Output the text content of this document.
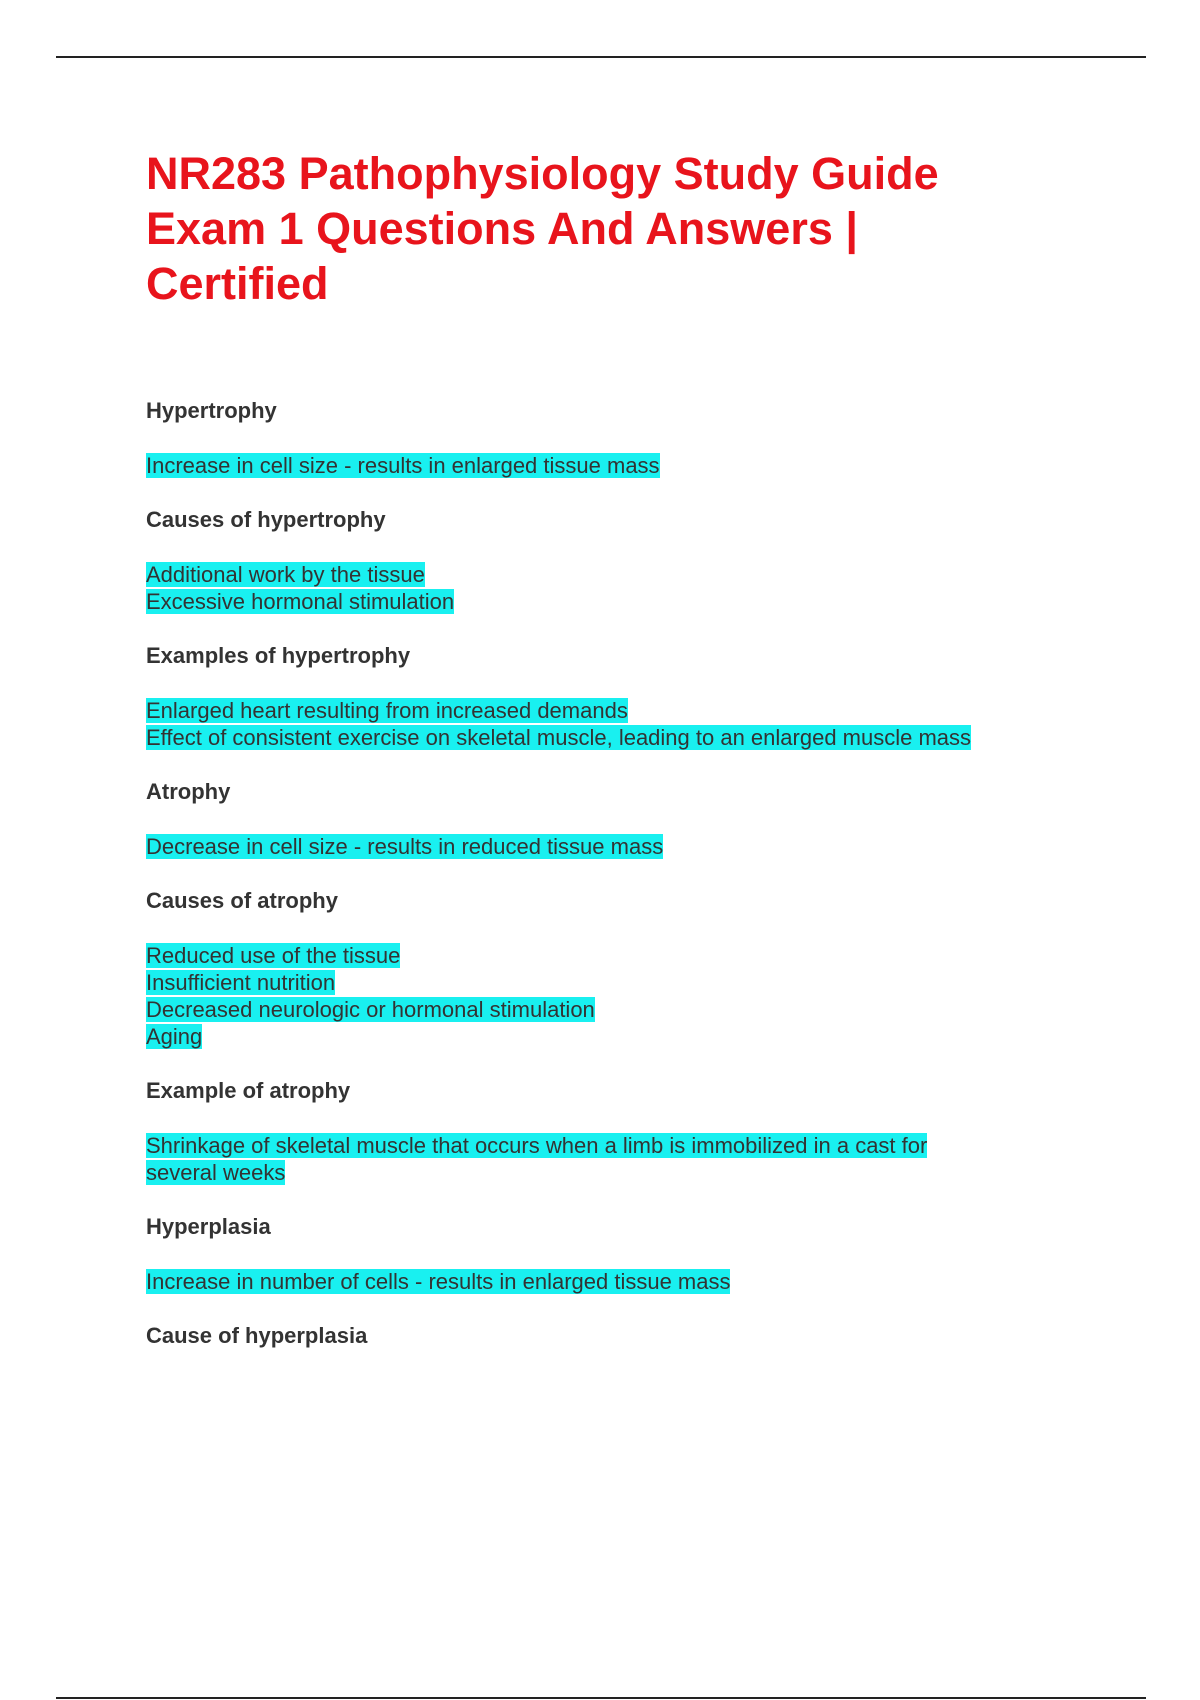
NR283 Pathophysiology Study Guide Exam 1 Questions And Answers | Certified
Hypertrophy
Increase in cell size - results in enlarged tissue mass
Causes of hypertrophy
Additional work by the tissue
Excessive hormonal stimulation
Examples of hypertrophy
Enlarged heart resulting from increased demands
Effect of consistent exercise on skeletal muscle, leading to an enlarged muscle mass
Atrophy
Decrease in cell size - results in reduced tissue mass
Causes of atrophy
Reduced use of the tissue
Insufficient nutrition
Decreased neurologic or hormonal stimulation
Aging
Example of atrophy
Shrinkage of skeletal muscle that occurs when a limb is immobilized in a cast for
several weeks
Hyperplasia
Increase in number of cells - results in enlarged tissue mass
Cause of hyperplasia
